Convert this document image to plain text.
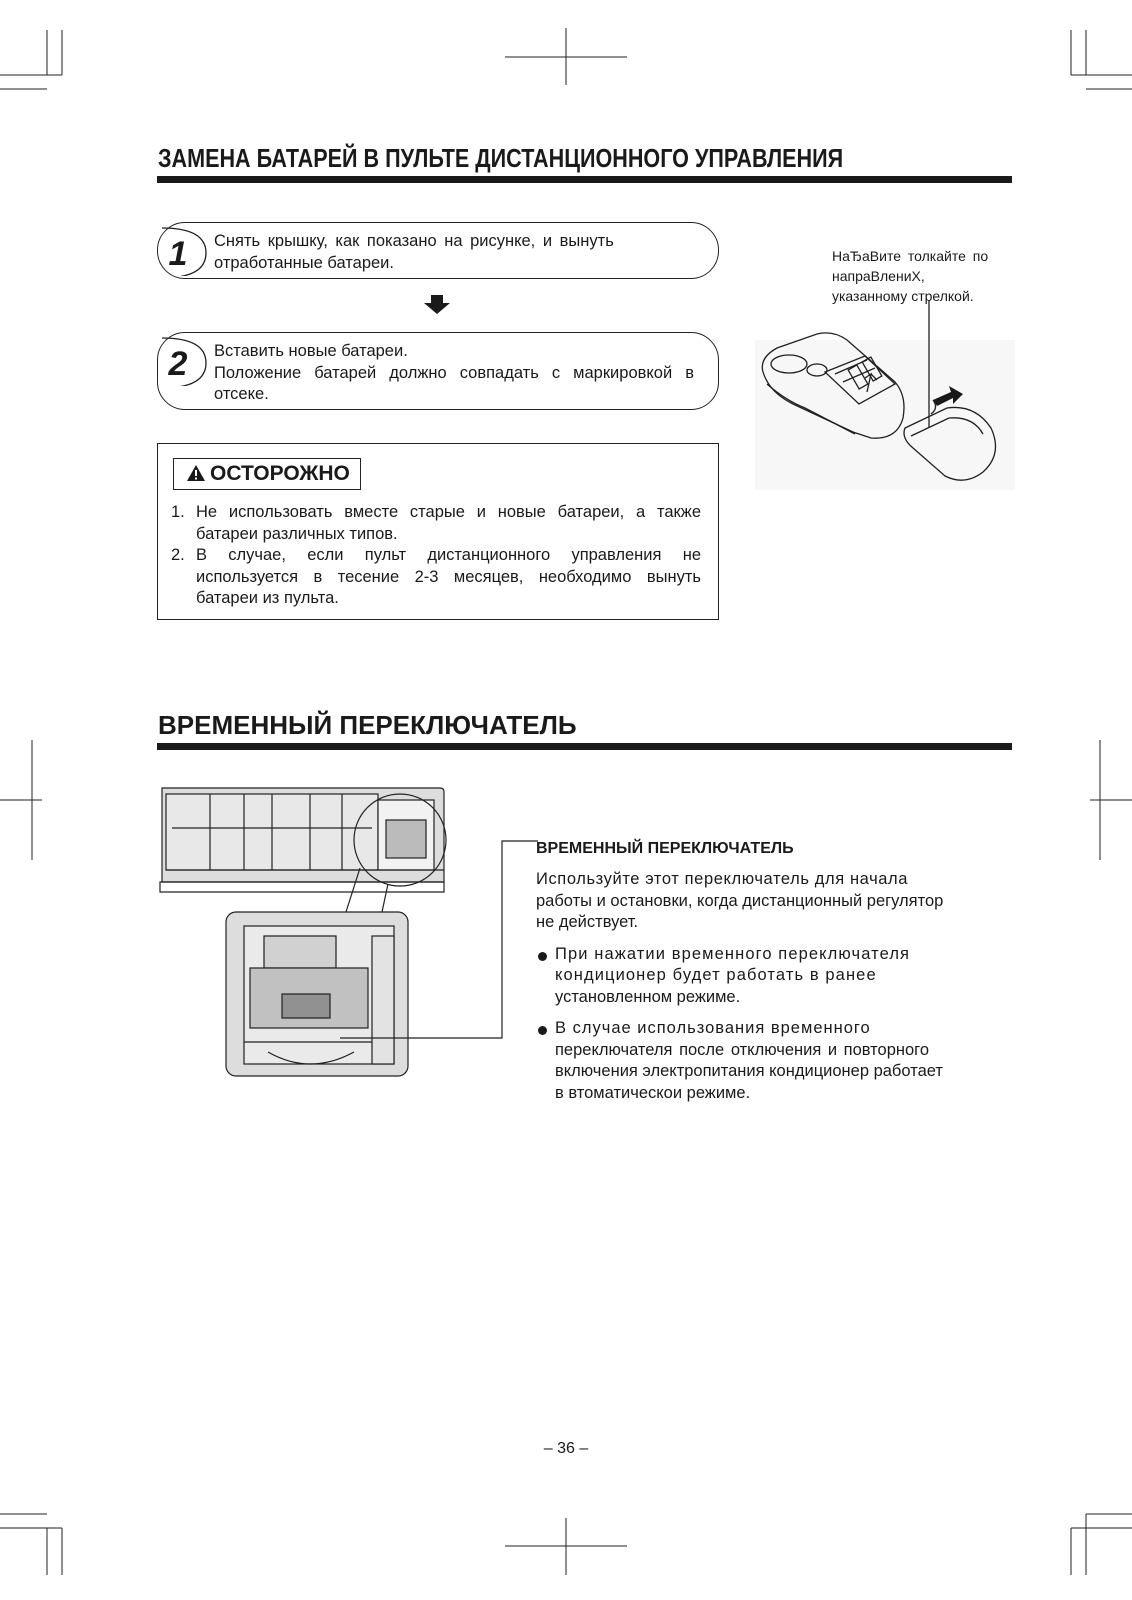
ЗАМЕНА БАТАРЕЙ В ПУЛЬТЕ ДИСТАНЦИОННОГО УПРАВЛЕНИЯ
1 Снять крышку, как показано на рисунке, и вынуть
отработанные батареи.
2 Вставить новые батареи.
Положение батарей должно совпадать с маркировкой в
отсеке.
ОСТОРОЖНО
1. Не использовать вместе старые и новые батареи, а также
батареи различных типов.
2. В случае, если пульт дистанционного управления не
используется в теcение 2-3 месяцев, необходимо вынуть
батареи из пульта.
НаЂаВите толкайте по
напраВлениХ,
указанному стрелкой.
ВРЕМЕННЫЙ ПЕРЕКЛЮЧАТЕЛЬ
ВРЕМЕННЫЙ ПЕРЕКЛЮЧАТЕЛЬ
Используйте этот переключатель для начала
работы и остановки, когда дистанционный регулятор
не действует.
При нажатии временного переключателя
кондиционер будет работать в ранее
установленном режиме.
В случае использования временного
переключателя после отключения и повторного
включения электропитания кондиционер работает
в втоматическои режиме.
– 36 –
